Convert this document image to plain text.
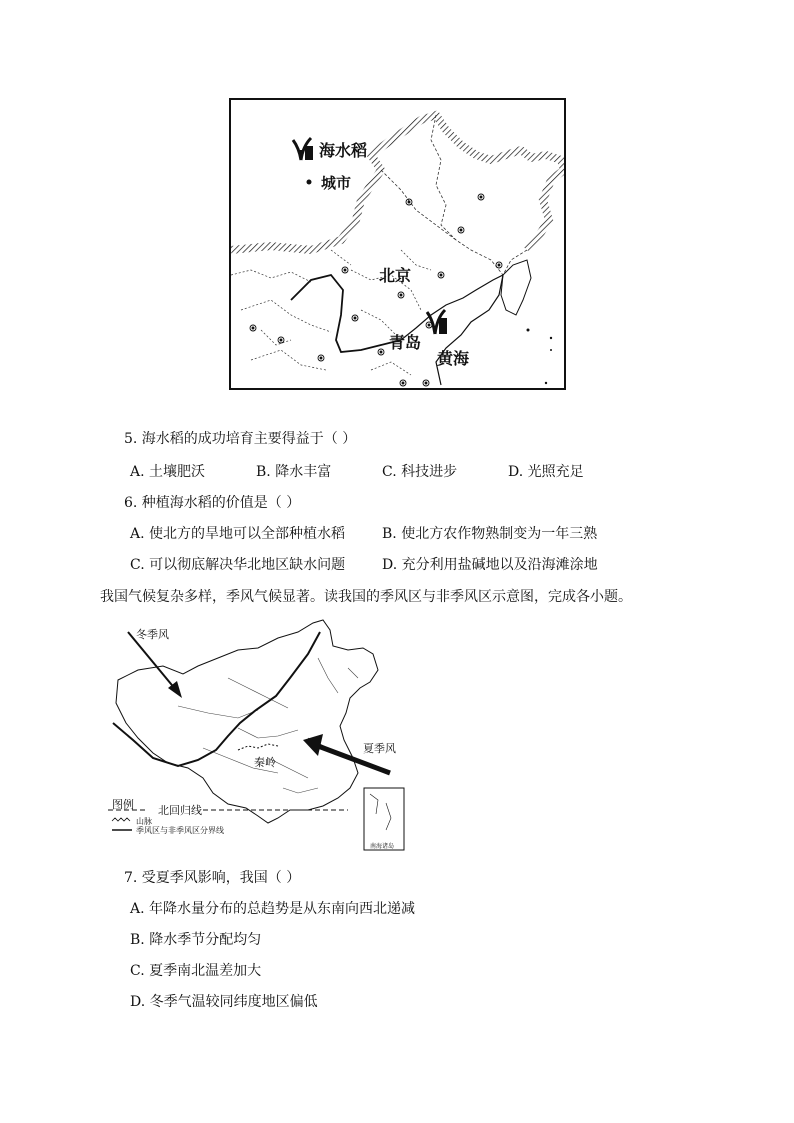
海水稻
城市
北京
青岛
黄海
5. 海水稻的成功培育主要得益于（ ）
A. 土壤肥沃	B. 降水丰富	C. 科技进步	D. 光照充足
6. 种植海水稻的价值是（ ）
A. 使北方的旱地可以全部种植水稻	B. 使北方农作物熟制变为一年三熟
C. 可以彻底解决华北地区缺水问题	D. 充分利用盐碱地以及沿海滩涂地
我国气候复杂多样，季风气候显著。读我国的季风区与非季风区示意图，完成各小题。
冬季风
夏季风
秦岭
北回归线
图例
山脉
季风区与非季风区分界线
南海诸岛
7. 受夏季风影响，我国（ ）
A. 年降水量分布的总趋势是从东南向西北递减
B. 降水季节分配均匀
C. 夏季南北温差加大
D. 冬季气温较同纬度地区偏低
